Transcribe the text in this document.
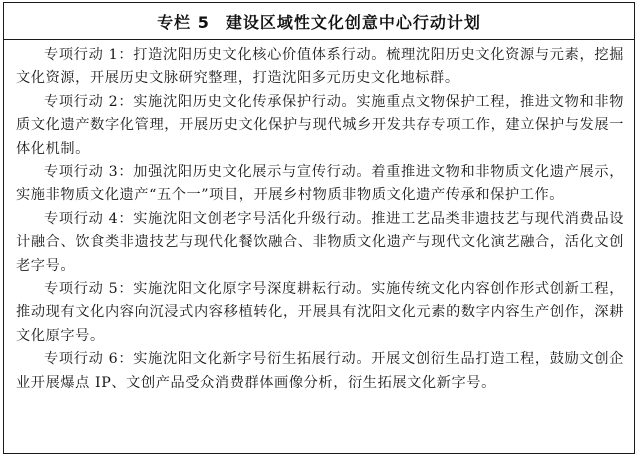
专栏 5 建设区域性文化创意中心行动计划

专项行动 1：打造沈阳历史文化核心价值体系行动。梳理沈阳历史文化资源与元素，挖掘文化资源，开展历史文脉研究整理，打造沈阳多元历史文化地标群。

专项行动 2：实施沈阳历史文化传承保护行动。实施重点文物保护工程，推进文物和非物质文化遗产数字化管理，开展历史文化保护与现代城乡开发共存专项工作，建立保护与发展一体化机制。

专项行动 3：加强沈阳历史文化展示与宣传行动。着重推进文物和非物质文化遗产展示，实施非物质文化遗产“五个一”项目，开展乡村物质非物质文化遗产传承和保护工作。

专项行动 4：实施沈阳文创老字号活化升级行动。推进工艺品类非遗技艺与现代消费品设计融合、饮食类非遗技艺与现代化餐饮融合、非物质文化遗产与现代文化演艺融合，活化文创老字号。

专项行动 5：实施沈阳文化原字号深度耕耘行动。实施传统文化内容创作形式创新工程，推动现有文化内容向沉浸式内容移植转化，开展具有沈阳文化元素的数字内容生产创作，深耕文化原字号。

专项行动 6：实施沈阳文化新字号衍生拓展行动。开展文创衍生品打造工程，鼓励文创企业开展爆点 IP、文创产品受众消费群体画像分析，衍生拓展文化新字号。
